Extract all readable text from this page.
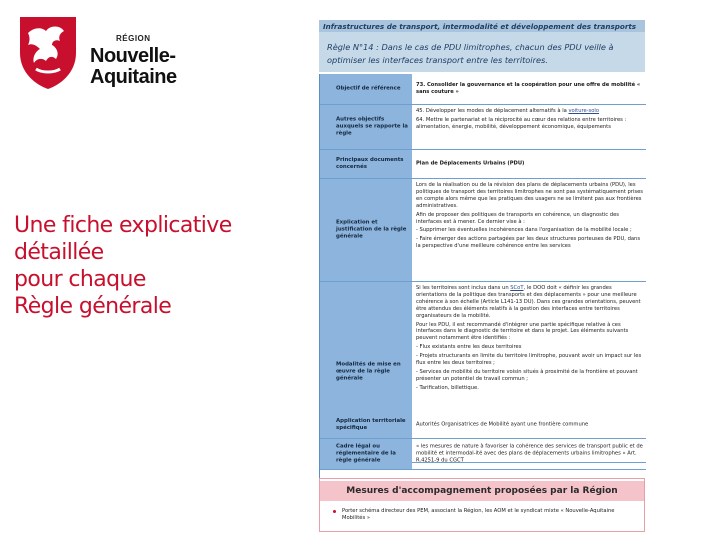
RÉGION
Nouvelle-
Aquitaine
Une fiche explicative
détaillée
pour chaque
Règle générale
Infrastructures de transport, intermodalité et développement des transports
Règle N°14 : Dans le cas de PDU limitrophes, chacun des PDU veille à optimiser les interfaces transport entre les territoires.
Objectif de référence
73. Consolider la gouvernance et la coopération pour une offre de mobilité « sans couture »
Autres objectifs auxquels se rapporte la règle

45. Développer les modes de déplacement alternatifs à la voiture-solo

64. Mettre le partenariat et la réciprocité au cœur des relations entre territoires : alimentation, énergie, mobilité, développement économique, équipements

Principaux documents concernés
Plan de Déplacements Urbains (PDU)
Explication et justification de la règle générale

Lors de la réalisation ou de la révision des plans de déplacements urbains (PDU), les politiques de transport des territoires limitrophes ne sont pas systématiquement prises en compte alors même que les pratiques des usagers ne se limitent pas aux frontières administratives.

Afin de proposer des politiques de transports en cohérence, un diagnostic des interfaces est à mener. Ce dernier vise à :

- Supprimer les éventuelles incohérences dans l'organisation de la mobilité locale ;

- Faire émerger des actions partagées par les deux structures porteuses de PDU, dans la perspective d'une meilleure cohérence entre les services

Modalités de mise en œuvre de la règle générale

Si les territoires sont inclus dans un SCoT, le DOO doit « définir les grandes orientations de la politique des transports et des déplacements » pour une meilleure cohérence à son échelle (Article L141-13 DU). Dans ces grandes orientations, peuvent être attendus des éléments relatifs à la gestion des interfaces entre territoires organisateurs de la mobilité.

Pour les PDU, il est recommandé d'intégrer une partie spécifique relative à ces interfaces dans le diagnostic de territoire et dans le projet. Les éléments suivants peuvent notamment être identifiés :

- Flux existants entre les deux territoires

- Projets structurants en limite du territoire limitrophe, pouvant avoir un impact sur les flux entre les deux territoires ;

- Services de mobilité du territoire voisin situés à proximité de la frontière et pouvant présenter un potentiel de travail commun ;

- Tarification, billettique.

Application territoriale spécifique
Autorités Organisatrices de Mobilité ayant une frontière commune
Cadre légal ou réglementaire de la règle générale
« les mesures de nature à favoriser la cohérence des services de transport public et de mobilité et intermodal-ité avec des plans de déplacements urbains limitrophes » Art. R.4251-9 du CGCT
Mesures d'accompagnement proposées par la Région
Porter schéma directeur des PEM, associant la Région, les AOM et le syndicat mixte « Nouvelle-Aquitaine Mobilités »
